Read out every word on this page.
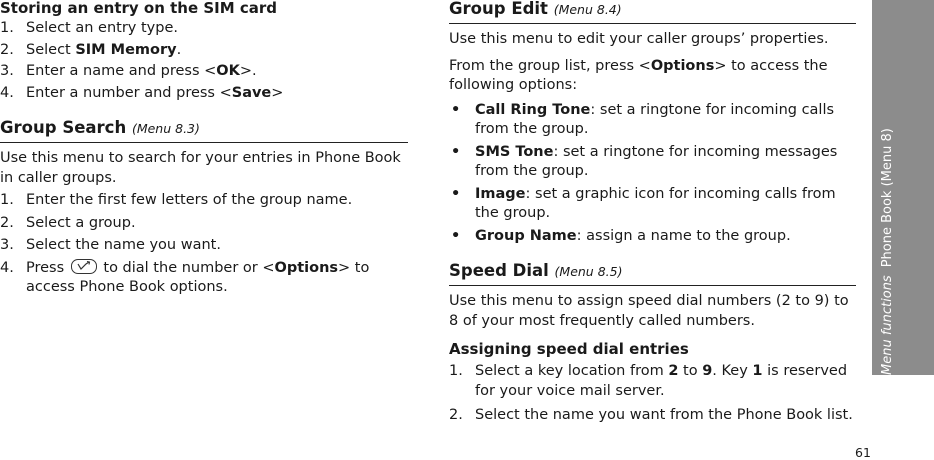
Storing an entry on the SIM card
1. Select an entry type.
2. Select SIM Memory.
3. Enter a name and press <OK>.
4. Enter a number and press <Save>
Group Search (Menu 8.3)

Use this menu to search for your entries in Phone Book in caller groups.

1. Enter the first few letters of the group name.
2. Select a group.
3. Select the name you want.
4. Press	to dial the number or <Options> to access Phone Book options.
Group Edit (Menu 8.4)

Use this menu to edit your caller groups’ properties.

From the group list, press <Options> to access the following options:

• Call Ring Tone: set a ringtone for incoming calls from the group.
• SMS Tone: set a ringtone for incoming messages from the group.
• Image: set a graphic icon for incoming calls from the group.
• Group Name: assign a name to the group.
Speed Dial (Menu 8.5)

Use this menu to assign speed dial numbers (2 to 9) to 8 of your most frequently called numbers.

Assigning speed dial entries
1. Select a key location from 2 to 9. Key 1 is reserved for your voice mail server.
2. Select the name you want from the Phone Book list.
Menu functionsPhone Book (Menu 8)
61
